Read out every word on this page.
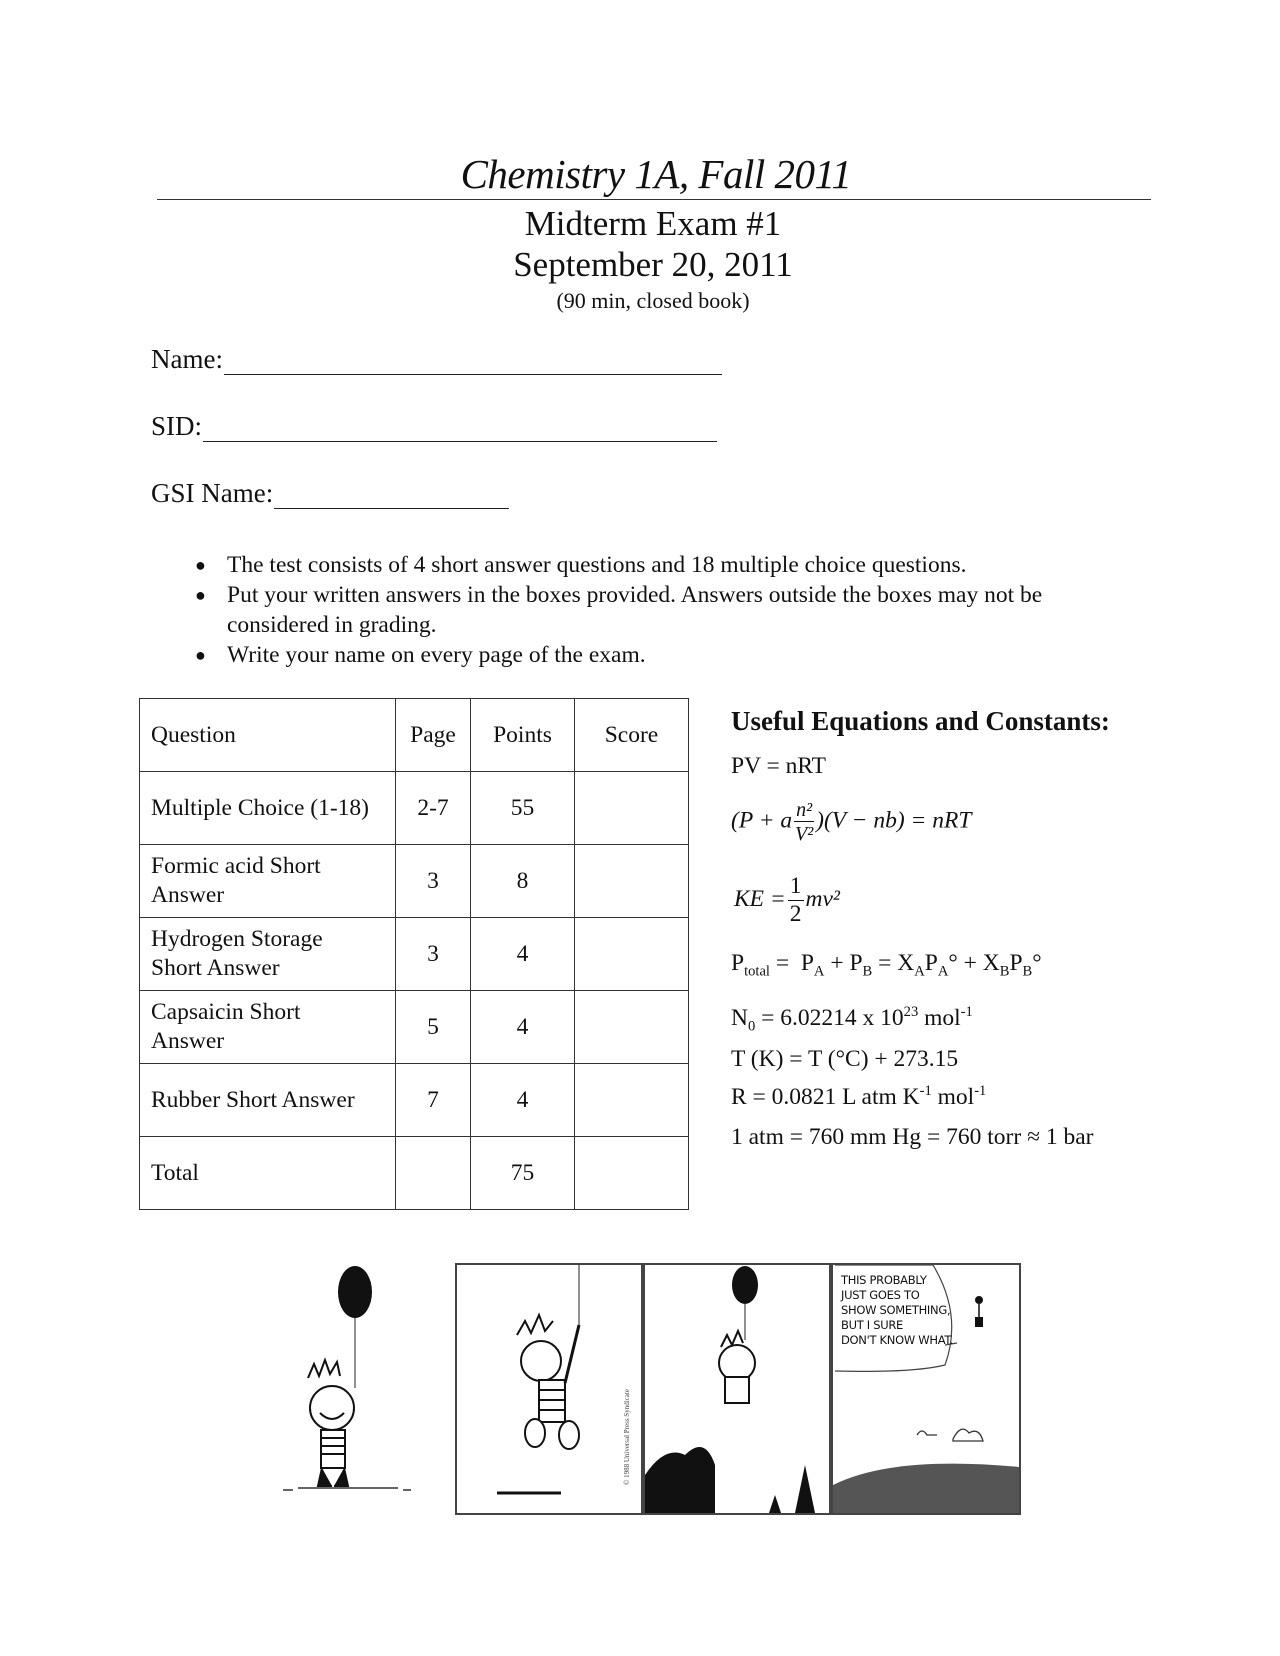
Chemistry 1A, Fall 2011
Midterm Exam #1
September 20, 2011
(90 min, closed book)
Name:
SID:
GSI Name:
● The test consists of 4 short answer questions and 18 multiple choice questions.
● Put your written answers in the boxes provided. Answers outside the boxes may not be considered in grading.
● Write your name on every page of the exam.
Question	Page	Points	Score
Multiple Choice (1-18)	2-7	55	
Formic acid Short Answer	3	8	
Hydrogen Storage Short Answer	3	4	
Capsaicin Short Answer	5	4	
Rubber Short Answer	7	4	
Total		75	
Useful Equations and Constants:
PV = nRT
(P + a $\frac{\text{n²}}{\text{V²}} )(V - nb)$ = nRT
KE = $\frac{1}{2} mv^2$
$P_{total} = P_A + P_B = X_AP_A^\circ + X_BP_B^\circ$
$N_0 = 6.02214$ x $10^{23}$ mol$^{-1}$
T (K) = T (°C) + 273.15
R = 0.0821 L atm $K^{-1}$ mol$^{-1}$
1 atm = 760 mm Hg = 760 torr ≈ 1 bar
© 1988 Universal Press Syndicate
THIS PROBABLY
JUST GOES TO
SHOW SOMETHING,
BUT I SURE
DON'T KNOW WHAT.
